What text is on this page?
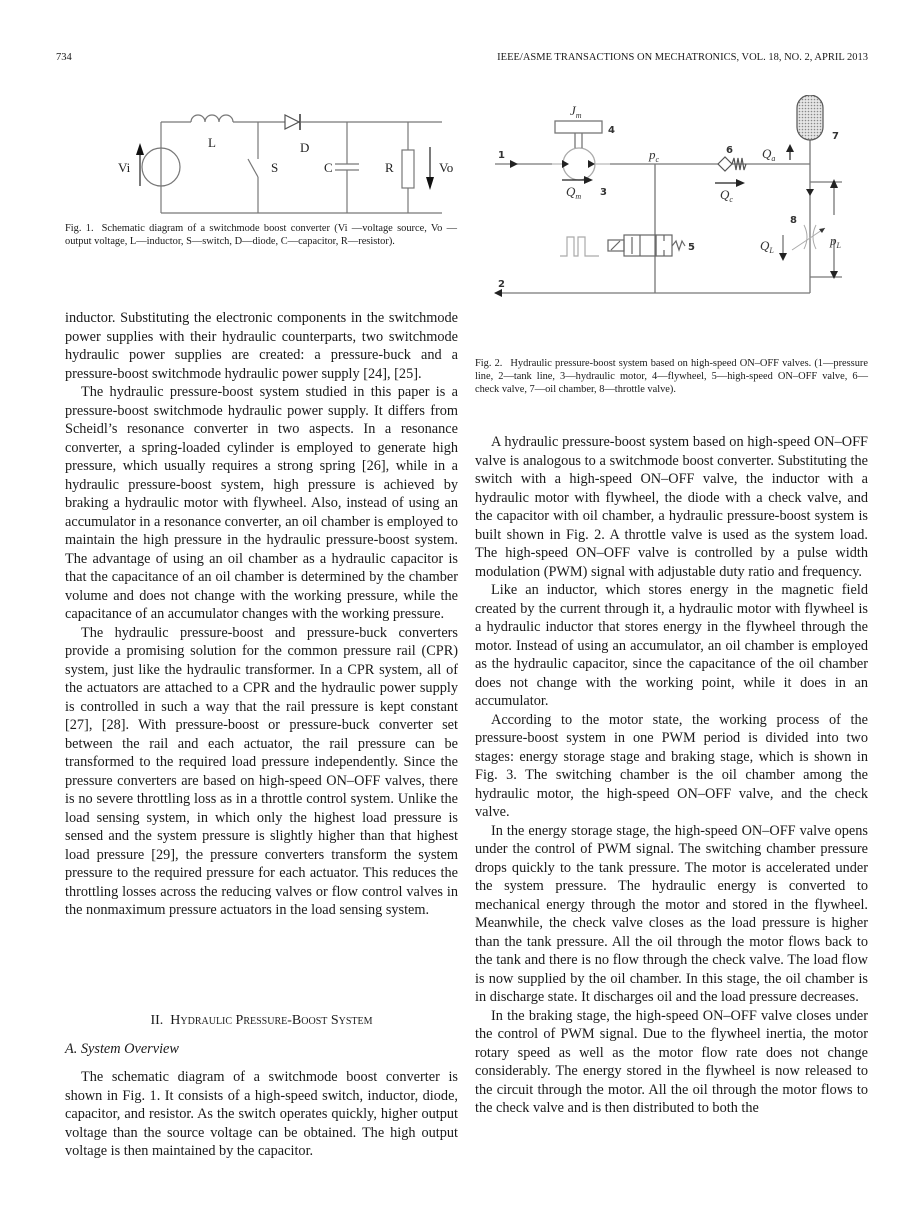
734	IEEE/ASME TRANSACTIONS ON MECHATRONICS, VOL. 18, NO. 2, APRIL 2013
Vi
L
S
D
C	R	Vo
Fig. 1. Schematic diagram of a switchmode boost converter (Vi —voltage source, Vo —output voltage, L—inductor, S—switch, D—diode, C—capacitor, R—resistor).
1
2
3
4
5
6
7
8
$J_m$
$p_c$
$Q_m$	$Q_c$
$Q_a$
$Q_L$
$p_L$
Fig. 2. Hydraulic pressure-boost system based on high-speed ON–OFF valves. (1—pressure line, 2—tank line, 3—hydraulic motor, 4—flywheel, 5—high-speed ON–OFF valve, 6—check valve, 7—oil chamber, 8—throttle valve).

inductor. Substituting the electronic components in the switchmode power supplies with their hydraulic counterparts, two switchmode hydraulic power supplies are created: a pressure-buck and a pressure-boost switchmode hydraulic power supply [24], [25].

The hydraulic pressure-boost system studied in this paper is a pressure-boost switchmode hydraulic power supply. It differs from Scheidl’s resonance converter in two aspects. In a resonance converter, a spring-loaded cylinder is employed to generate high pressure, which usually requires a strong spring [26], while in a hydraulic pressure-boost system, high pressure is achieved by braking a hydraulic motor with flywheel. Also, instead of using an accumulator in a resonance converter, an oil chamber is employed to maintain the high pressure in the hydraulic pressure-boost system. The advantage of using an oil chamber as a hydraulic capacitor is that the capacitance of an oil chamber is determined by the chamber volume and does not change with the working pressure, while the capacitance of an accumulator changes with the working pressure.

The hydraulic pressure-boost and pressure-buck converters provide a promising solution for the common pressure rail (CPR) system, just like the hydraulic transformer. In a CPR system, all of the actuators are attached to a CPR and the hydraulic power supply is controlled in such a way that the rail pressure is kept constant [27], [28]. With pressure-boost or pressure-buck converter set between the rail and each actuator, the rail pressure can be transformed to the required load pressure independently. Since the pressure converters are based on high-speed ON–OFF valves, there is no severe throttling loss as in a throttle control system. Unlike the load sensing system, in which only the highest load pressure is sensed and the system pressure is slightly higher than that highest load pressure [29], the pressure converters transform the system pressure to the required pressure for each actuator. This reduces the throttling losses across the reducing valves or flow control valves in the nonmaximum pressure actuators in the load sensing system.

II. Hydraulic Pressure-Boost System
A. System Overview

The schematic diagram of a switchmode boost converter is shown in Fig. 1. It consists of a high-speed switch, inductor, diode, capacitor, and resistor. As the switch operates quickly, higher output voltage than the source voltage can be obtained. The high output voltage is then maintained by the capacitor.

A hydraulic pressure-boost system based on high-speed ON–OFF valve is analogous to a switchmode boost converter. Substituting the switch with a high-speed ON–OFF valve, the inductor with a hydraulic motor with flywheel, the diode with a check valve, and the capacitor with oil chamber, a hydraulic pressure-boost system is built shown in Fig. 2. A throttle valve is used as the system load. The high-speed ON–OFF valve is controlled by a pulse width modulation (PWM) signal with adjustable duty ratio and frequency.

Like an inductor, which stores energy in the magnetic field created by the current through it, a hydraulic motor with flywheel is a hydraulic inductor that stores energy in the flywheel through the motor. Instead of using an accumulator, an oil chamber is employed as the hydraulic capacitor, since the capacitance of the oil chamber does not change with the working point, while it does in an accumulator.

According to the motor state, the working process of the pressure-boost system in one PWM period is divided into two stages: energy storage stage and braking stage, which is shown in Fig. 3. The switching chamber is the oil chamber among the hydraulic motor, the high-speed ON–OFF valve, and the check valve.

In the energy storage stage, the high-speed ON–OFF valve opens under the control of PWM signal. The switching chamber pressure drops quickly to the tank pressure. The motor is accelerated under the system pressure. The hydraulic energy is converted to mechanical energy through the motor and stored in the flywheel. Meanwhile, the check valve closes as the load pressure is higher than the tank pressure. All the oil through the motor flows back to the tank and there is no flow through the check valve. The load flow is now supplied by the oil chamber. In this stage, the oil chamber is in discharge state. It discharges oil and the load pressure decreases.

In the braking stage, the high-speed ON–OFF valve closes under the control of PWM signal. Due to the flywheel inertia, the motor rotary speed as well as the motor flow rate does not change considerably. The energy stored in the flywheel is now released to the circuit through the motor. All the oil through the motor flows to the check valve and is then distributed to both the
